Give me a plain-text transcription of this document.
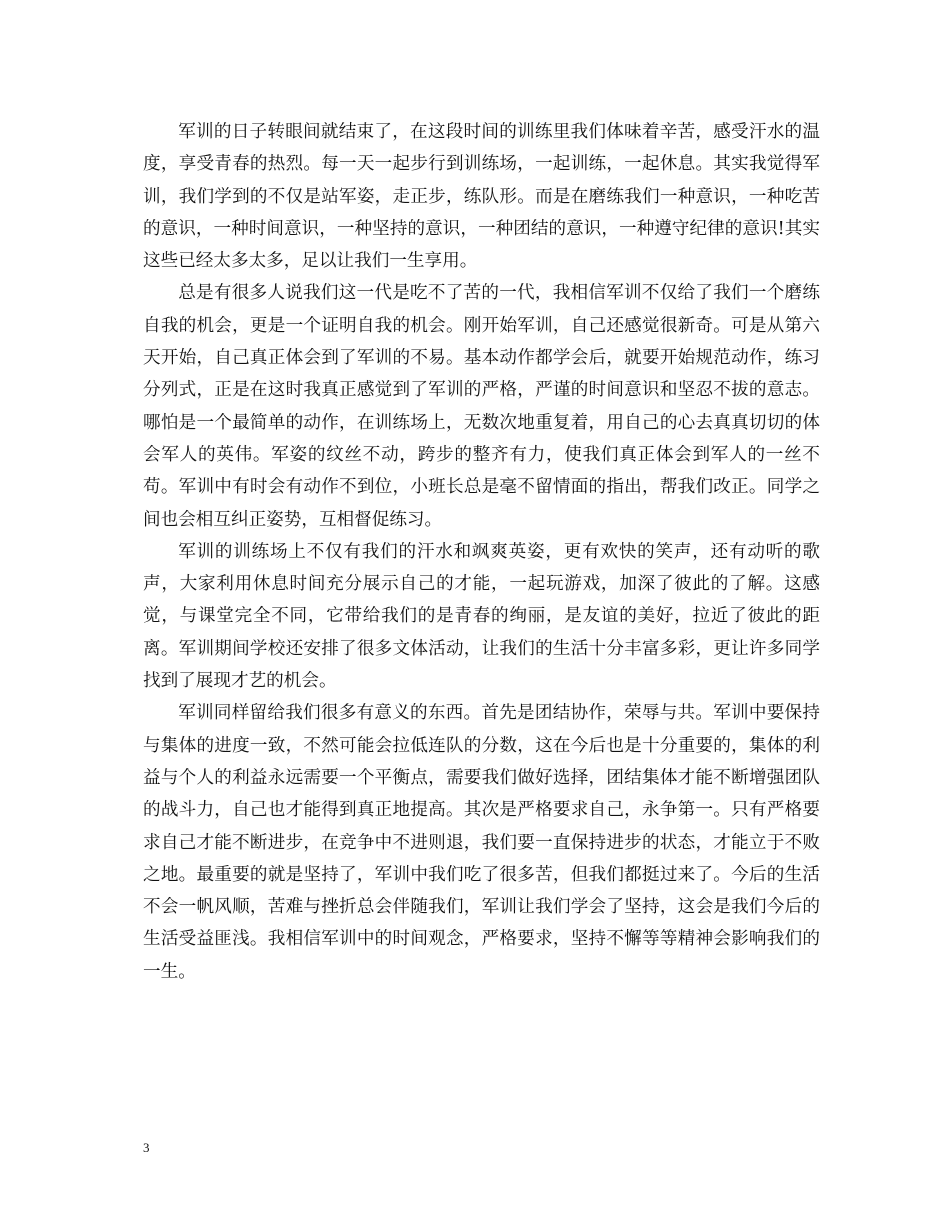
军训的日子转眼间就结束了，在这段时间的训练里我们体味着辛苦，感受汗水的温度，享受青春的热烈。每一天一起步行到训练场，一起训练，一起休息。其实我觉得军训，我们学到的不仅是站军姿，走正步，练队形。而是在磨练我们一种意识，一种吃苦的意识，一种时间意识，一种坚持的意识，一种团结的意识，一种遵守纪律的意识!其实这些已经太多太多，足以让我们一生享用。

总是有很多人说我们这一代是吃不了苦的一代，我相信军训不仅给了我们一个磨练自我的机会，更是一个证明自我的机会。刚开始军训，自己还感觉很新奇。可是从第六天开始，自己真正体会到了军训的不易。基本动作都学会后，就要开始规范动作，练习分列式，正是在这时我真正感觉到了军训的严格，严谨的时间意识和坚忍不拔的意志。哪怕是一个最简单的动作，在训练场上，无数次地重复着，用自己的心去真真切切的体会军人的英伟。军姿的纹丝不动，跨步的整齐有力，使我们真正体会到军人的一丝不苟。军训中有时会有动作不到位，小班长总是毫不留情面的指出，帮我们改正。同学之间也会相互纠正姿势，互相督促练习。

军训的训练场上不仅有我们的汗水和飒爽英姿，更有欢快的笑声，还有动听的歌声，大家利用休息时间充分展示自己的才能，一起玩游戏，加深了彼此的了解。这感觉，与课堂完全不同，它带给我们的是青春的绚丽，是友谊的美好，拉近了彼此的距离。军训期间学校还安排了很多文体活动，让我们的生活十分丰富多彩，更让许多同学找到了展现才艺的机会。

军训同样留给我们很多有意义的东西。首先是团结协作，荣辱与共。军训中要保持与集体的进度一致，不然可能会拉低连队的分数，这在今后也是十分重要的，集体的利益与个人的利益永远需要一个平衡点，需要我们做好选择，团结集体才能不断增强团队的战斗力，自己也才能得到真正地提高。其次是严格要求自己，永争第一。只有严格要求自己才能不断进步，在竞争中不进则退，我们要一直保持进步的状态，才能立于不败之地。最重要的就是坚持了，军训中我们吃了很多苦，但我们都挺过来了。今后的生活不会一帆风顺，苦难与挫折总会伴随我们，军训让我们学会了坚持，这会是我们今后的生活受益匪浅。我相信军训中的时间观念，严格要求，坚持不懈等等精神会影响我们的一生。

3
